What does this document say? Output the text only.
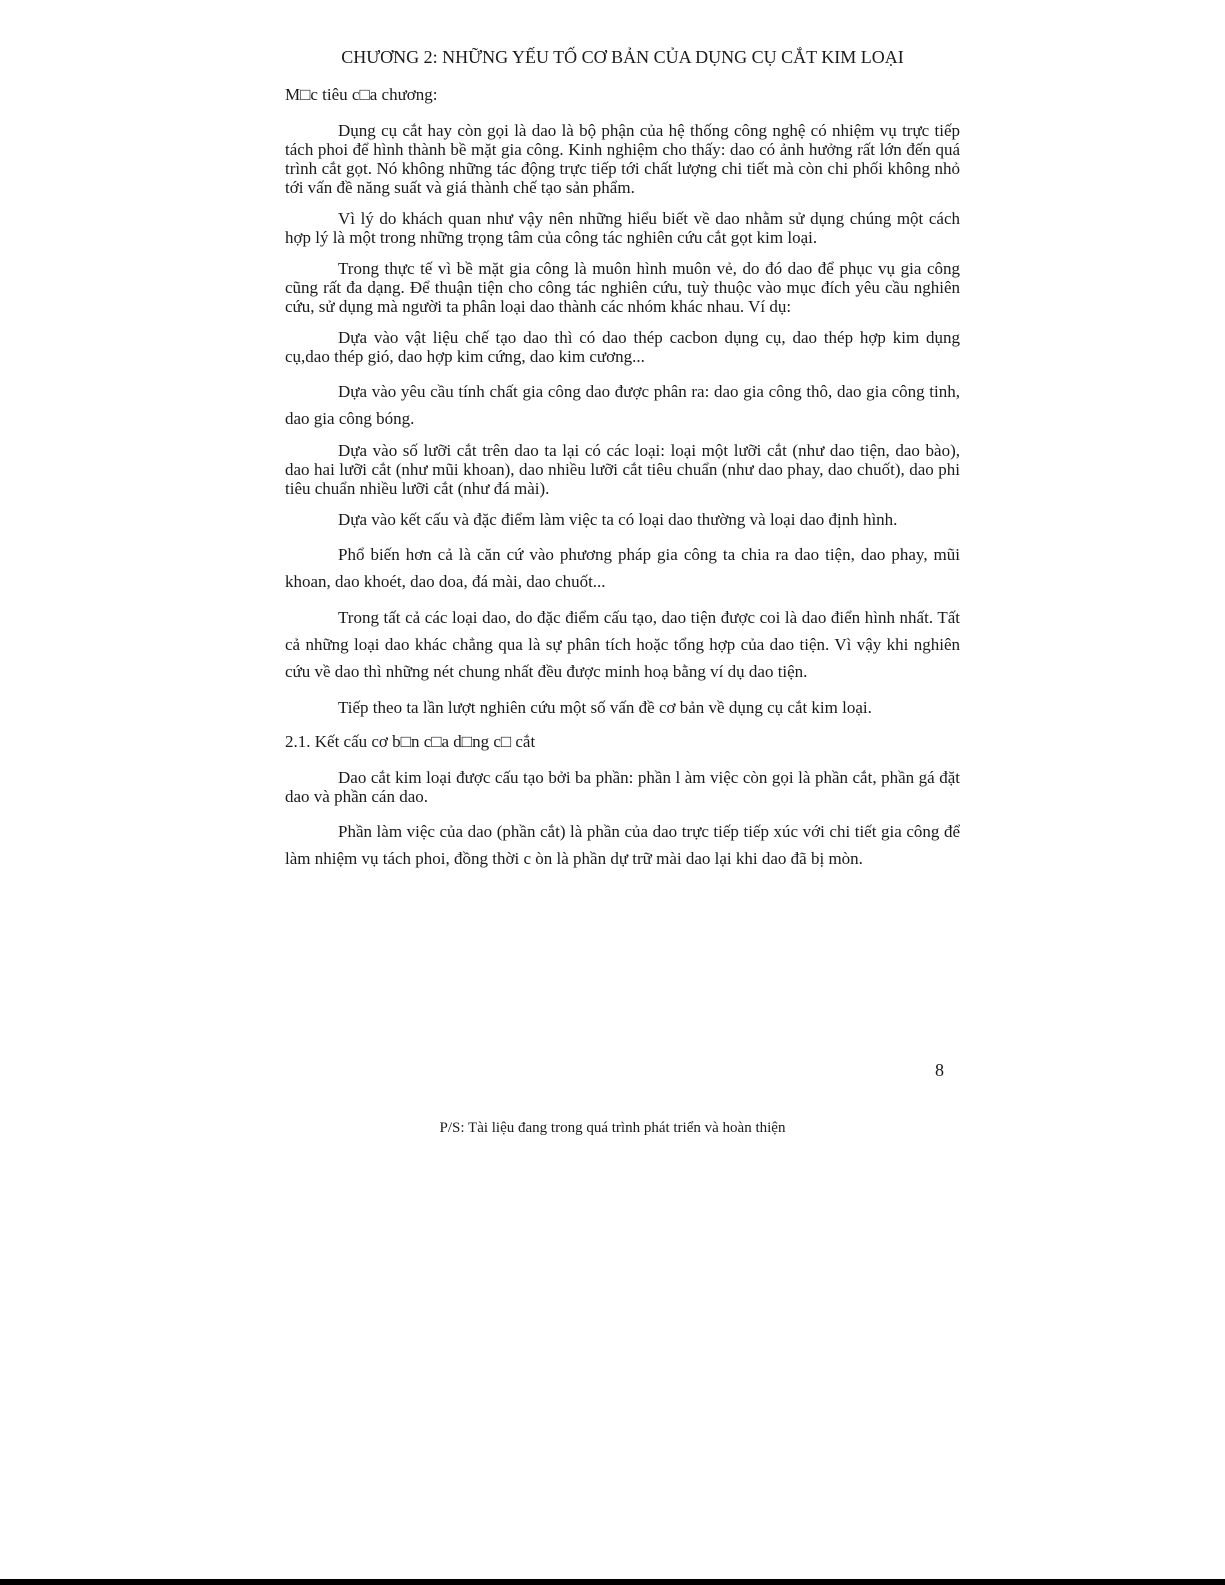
CHƯƠNG 2: NHỮNG YẾU TỐ CƠ BẢN CỦA DỤNG CỤ CẮT KIM LOẠI
M□c tiêu c□a chương:

Dụng cụ cắt hay còn gọi là dao là bộ phận của hệ thống công nghệ có nhiệm vụ trực tiếp tách phoi để hình thành bề mặt gia công. Kinh nghiệm cho thấy: dao có ảnh hưởng rất lớn đến quá trình cắt gọt. Nó không những tác động trực tiếp tới chất lượng chi tiết mà còn chi phối không nhỏ tới vấn đề năng suất và giá thành chế tạo sản phẩm.

Vì lý do khách quan như vậy nên những hiểu biết về dao nhằm sử dụng chúng một cách hợp lý là một trong những trọng tâm của công tác nghiên cứu cắt gọt kim loại.

Trong thực tế vì bề mặt gia công là muôn hình muôn vẻ, do đó dao để phục vụ gia công cũng rất đa dạng. Để thuận tiện cho công tác nghiên cứu, tuỳ thuộc vào mục đích yêu cầu nghiên cứu, sử dụng mà người ta phân loại dao thành các nhóm khác nhau. Ví dụ:

Dựa vào vật liệu chế tạo dao thì có dao thép cacbon dụng cụ, dao thép hợp kim dụng cụ,dao thép gió, dao hợp kim cứng, dao kim cương...

Dựa vào yêu cầu tính chất gia công dao được phân ra: dao gia công thô, dao gia công tinh, dao gia công bóng.

Dựa vào số lưỡi cắt trên dao ta lại có các loại: loại một lưỡi cắt (như dao tiện, dao bào), dao hai lưỡi cắt (như mũi khoan), dao nhiều lưỡi cắt tiêu chuẩn (như dao phay, dao chuốt), dao phi tiêu chuẩn nhiều lưỡi cắt (như đá mài).

Dựa vào kết cấu và đặc điểm làm việc ta có loại dao thường và loại dao định hình.

Phổ biến hơn cả là căn cứ vào phương pháp gia công ta chia ra dao tiện, dao phay, mũi khoan, dao khoét, dao doa, đá mài, dao chuốt...

Trong tất cả các loại dao, do đặc điểm cấu tạo, dao tiện được coi là dao điển hình nhất. Tất cả những loại dao khác chẳng qua là sự phân tích hoặc tổng hợp của dao tiện. Vì vậy khi nghiên cứu về dao thì những nét chung nhất đều được minh hoạ bằng ví dụ dao tiện.

Tiếp theo ta lần lượt nghiên cứu một số vấn đề cơ bản về dụng cụ cắt kim loại.

2.1. Kết cấu cơ b□n c□a d□ng c□ cắt

Dao cắt kim loại được cấu tạo bởi ba phần: phần l àm việc còn gọi là phần cắt, phần gá đặt dao và phần cán dao.

Phần làm việc của dao (phần cắt) là phần của dao trực tiếp tiếp xúc với chi tiết gia công để làm nhiệm vụ tách phoi, đồng thời c òn là phần dự trữ mài dao lại khi dao đã bị mòn.

8
P/S: Tài liệu đang trong quá trình phát triển và hoàn thiện
